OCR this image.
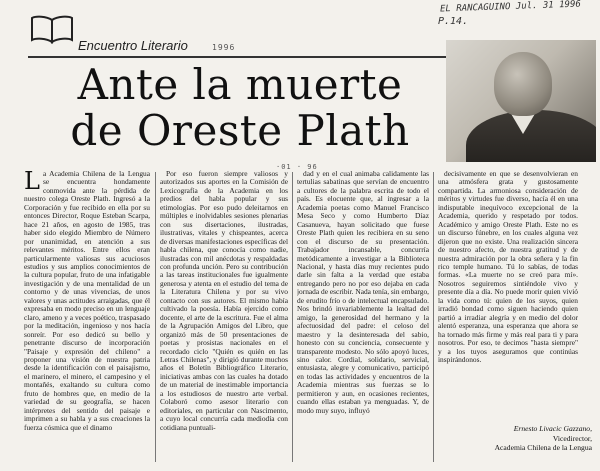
Encuentro Literario
EL RANCAGUINO Jul. 31 1996
P.14.
1996
Ante la muerte
de Oreste Plath
·01 · 96
L a Academia Chilena de la Lengua se encuentra hondamente conmovida ante la pérdida de nuestro colega Oreste Plath. Ingresó a la Corporación y fue recibido en ella por su entonces Director, Roque Esteban Scarpa, hace 21 años, en agosto de 1985, tras haber sido elegido Miembro de Número por unanimidad, en atención a sus relevantes méritos. Entre ellos eran particularmente valiosas sus acuciosos estudios y sus amplios conocimientos de la cultura popular, fruto de una infatigable investigación y de una mentalidad de un contorno y de unas vivencias, de unos valores y unas actitudes arraigadas, que él expresaba en modo preciso en un lenguaje claro, ameno y a veces poético, traspasado por la meditación, ingenioso y nos hacía sonreír. Por eso dedicó su bello y penetrante discurso de incorporación "Paisaje y expresión del chileno" a proponer una visión de nuestra patria desde la identificación con el paisajismo, el marinero, el minero, el campesino y el montañés, exaltando su cultura como fruto de hombres que, en medio de la variedad de su geografía, se hacen intérpretes del sentido del paisaje e imprimen a su habla y a sus creaciones la fuerza cósmica que el dinamo

Por eso fueron siempre valiosos y autorizados sus aportes en la Comisión de Lexicografía de la Academia en los predios del habla popular y sus etimologías. Por eso pudo deleitarnos en múltiples e inolvidables sesiones plenarias con sus disertaciones, ilustradas, ilustrativas, vitales y chispeantes, acerca de diversas manifestaciones específicas del habla chilena, que conocía como nadie, ilustradas con mil anécdotas y respaldadas con profunda unción. Pero su contribución a las tareas institucionales fue igualmente generosa y atenta en el estudio del tema de la Literatura Chilena y por su vivo contacto con sus autores. El mismo había cultivado la poesía. Había ejercido como docente, el arte de la escritura. Fue el alma de la Agrupación Amigos del Libro, que organizó más de 50 presentaciones de poetas y prosistas nacionales en el recordado ciclo "Quién es quién en las Letras Chilenas", y dirigió durante muchos años el Boletín Bibliográfico Literario, iniciativas ambas con las cuales ha dotado de un material de inestimable importancia a los estudiosos de nuestro arte verbal. Colaboró como asesor literario con editoriales, en particular con Nascimento, a cuyo local concurría cada mediodía con cotidiana puntuali-

dad y en el cual animaba calidamente las tertulias sabatinas que servían de encuentro a cultores de la palabra escrita de todo el país. Es elocuente que, al ingresar a la Academia poetas como Manuel Francisco Mesa Seco y como Humberto Díaz Casanueva, hayan solicitado que fuese Oreste Plath quien les recibiera en su seno con el discurso de su presentación. Trabajador incansable, concurría metódicamente a investigar a la Biblioteca Nacional, y hasta días muy recientes pudo darle sin falta a la verdad que estaba entregando pero no por eso dejaba en cada jornada de escribir. Nada tenía, sin embargo, de erudito frío o de intelectual encapsulado. Nos brindó invariablemente la lealtad del amigo, la generosidad del hermano y la afectuosidad del padre: el celoso del maestro y la desinteresada del sabio, honesto con su conciencia, consecuente y transparente modesto. No sólo apoyó luces, sino calor. Cordial, solidario, servicial, entusiasta, alegre y comunicativo, participó en todas las actividades y encuentros de la Academia mientras sus fuerzas se lo permitieron y aun, en ocasiones recientes, cuando ellas estaban ya menguadas. Y, de modo muy suyo, influyó

decisivamente en que se desenvolvieran en una atmósfera grata y gustosamente compartida. La armoniosa consideración de méritos y virtudes fue diverso, hacía él en una indisputable inequívoco excepcional de la Academia, querido y respetado por todos. Académico y amigo Oreste Plath. Este no es un discurso fúnebre, en los cuales alguna vez dijeron que no existe. Una realización sincera de nuestro afecto, de nuestra gratitud y de nuestra admiración por la obra señera y la fin rico temple humano. Tú lo sabías, de todas formas. «La muerte no se creó para mí». Nosotros seguiremos sintiéndole vivo y presente día a día. No puede morir quien vivió la vida como tú: quien de los suyos, quien irradió bondad como siguen haciendo quien partió a irradiar alegría y en medio del dolor alentó esperanza, una esperanza que ahora se ha tornado más firme y más real para ti y para nosotros. Por eso, te decimos "hasta siempre" y a los tuyos aseguramos que continúas inspirándonos.

Ernesto Livacic Gazzano,
Vicedirector,
Academia Chilena de la Lengua
